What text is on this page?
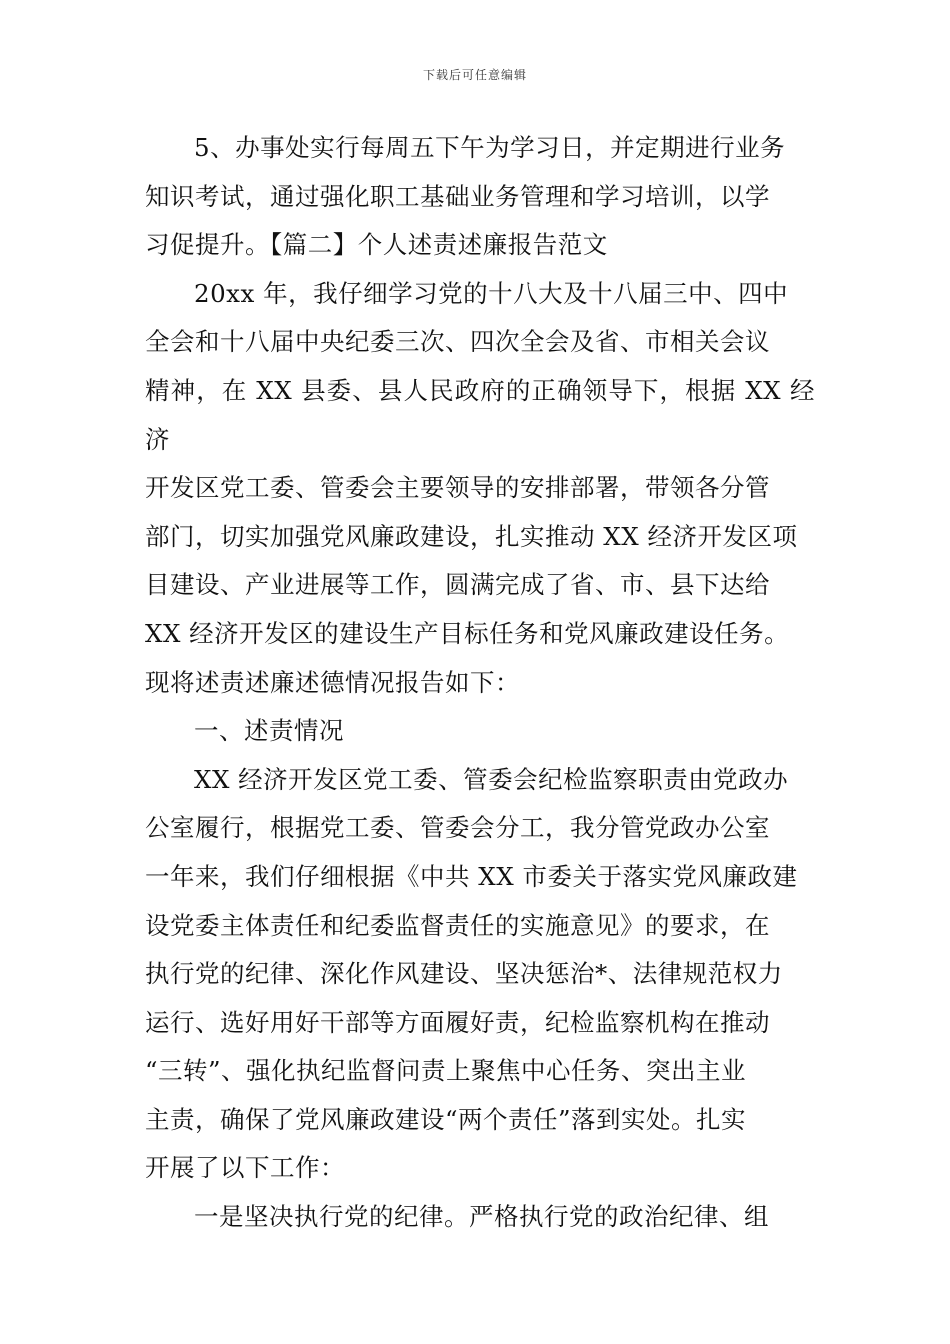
下载后可任意编辑

5、办事处实行每周五下午为学习日，并定期进行业务
知识考试，通过强化职工基础业务管理和学习培训，以学
习促提升。【篇二】个人述责述廉报告范文

20xx 年，我仔细学习党的十八大及十八届三中、四中
全会和十八届中央纪委三次、四次全会及省、市相关会议
精神，在 XX 县委、县人民政府的正确领导下，根据 XX 经济
开发区党工委、管委会主要领导的安排部署，带领各分管
部门，切实加强党风廉政建设，扎实推动 XX 经济开发区项
目建设、产业进展等工作，圆满完成了省、市、县下达给
XX 经济开发区的建设生产目标任务和党风廉政建设任务。
现将述责述廉述德情况报告如下：

一、述责情况

XX 经济开发区党工委、管委会纪检监察职责由党政办
公室履行，根据党工委、管委会分工，我分管党政办公室
一年来，我们仔细根据《中共 XX 市委关于落实党风廉政建
设党委主体责任和纪委监督责任的实施意见》的要求，在
执行党的纪律、深化作风建设、坚决惩治*、法律规范权力
运行、选好用好干部等方面履好责，纪检监察机构在推动
“三转”、强化执纪监督问责上聚焦中心任务、突出主业
主责，确保了党风廉政建设“两个责任”落到实处。扎实
开展了以下工作：

一是坚决执行党的纪律。严格执行党的政治纪律、组
